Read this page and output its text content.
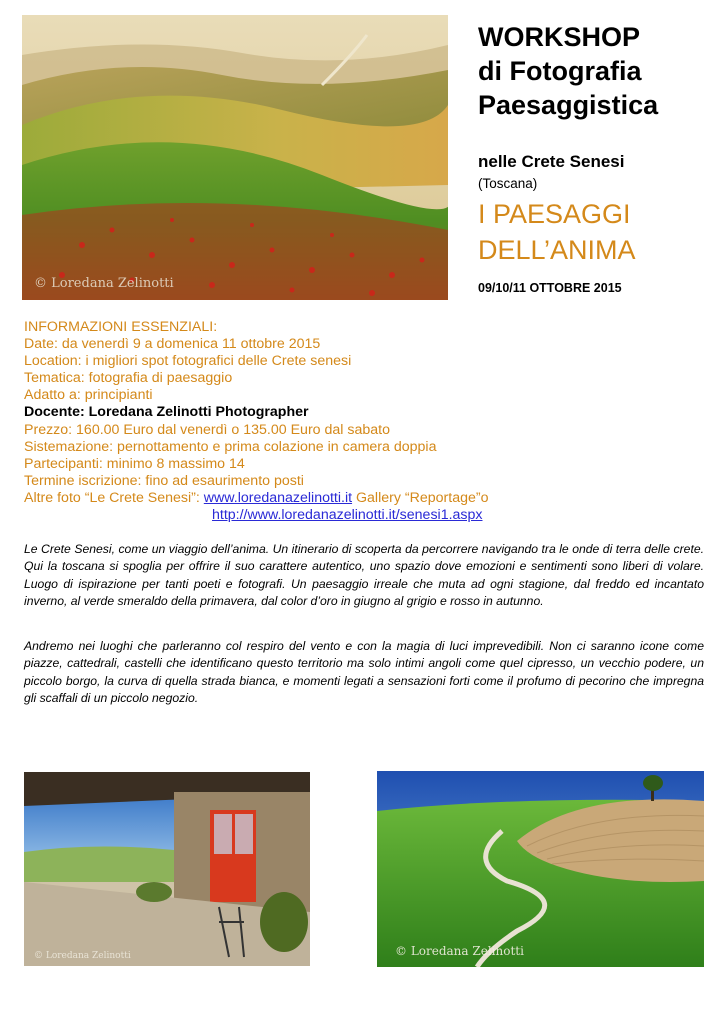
© Loredana Zelinotti
WORKSHOP
di Fotografia
Paesaggistica
nelle Crete Senesi
(Toscana)
I PAESAGGI
DELL’ANIMA
09/10/11 OTTOBRE 2015
INFORMAZIONI ESSENZIALI:
Date: da venerdì 9 a domenica 11 ottobre 2015
Location: i migliori spot fotografici delle Crete senesi
Tematica: fotografia di paesaggio
Adatto a: principianti
Docente: Loredana Zelinotti Photographer
Prezzo: 160.00 Euro dal venerdì o 135.00 Euro dal sabato
Sistemazione: pernottamento e prima colazione in camera doppia
Partecipanti: minimo 8 massimo 14
Termine iscrizione: fino ad esaurimento posti
Altre foto “Le Crete Senesi”: www.loredanazelinotti.it Gallery “Reportage”o
http://www.loredanazelinotti.it/senesi1.aspx

Le Crete Senesi, come un viaggio dell’anima. Un itinerario di scoperta da percorrere navigando tra le onde di terra delle crete. Qui la toscana si spoglia per offrire il suo carattere autentico, uno spazio dove emozioni e sentimenti sono liberi di volare. Luogo di ispirazione per tanti poeti e fotografi. Un paesaggio irreale che muta ad ogni stagione, dal freddo ed incantato inverno, al verde smeraldo della primavera, dal color d’oro in giugno al grigio e rosso in autunno.

Andremo nei luoghi che parleranno col respiro del vento e con la magia di luci imprevedibili. Non ci saranno icone come piazze, cattedrali, castelli che identificano questo territorio ma solo intimi angoli come quel cipresso, un vecchio podere, un piccolo borgo, la curva di quella strada bianca, e momenti legati a sensazioni forti come il profumo di pecorino che impregna gli scaffali di un piccolo negozio.

© Loredana Zelinotti	© Loredana Zelinotti
